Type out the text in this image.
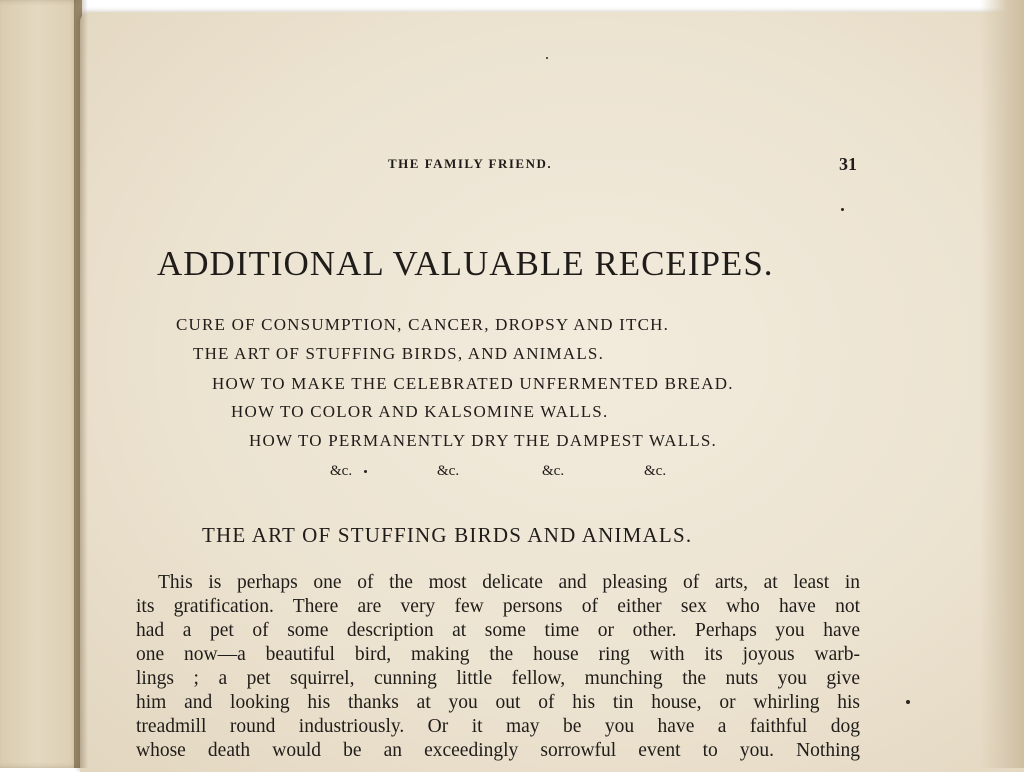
THE FAMILY FRIEND.	31
ADDITIONAL VALUABLE RECEIPES.
CURE OF CONSUMPTION, CANCER, DROPSY AND ITCH.
THE ART OF STUFFING BIRDS, AND ANIMALS.
HOW TO MAKE THE CELEBRATED UNFERMENTED BREAD.
HOW TO COLOR AND KALSOMINE WALLS.
HOW TO PERMANENTLY DRY THE DAMPEST WALLS.
&c.	&c.	&c.	&c.
THE ART OF STUFFING BIRDS AND ANIMALS.
This is perhaps one of the most delicate and pleasing of arts, at least in
its gratification. There are very few persons of either sex who have not
had a pet of some description at some time or other. Perhaps you have
one now—a beautiful bird, making the house ring with its joyous warb-
lings ; a pet squirrel, cunning little fellow, munching the nuts you give
him and looking his thanks at you out of his tin house, or whirling his
treadmill round industriously. Or it may be you have a faithful dog
whose death would be an exceedingly sorrowful event to you. Nothing
